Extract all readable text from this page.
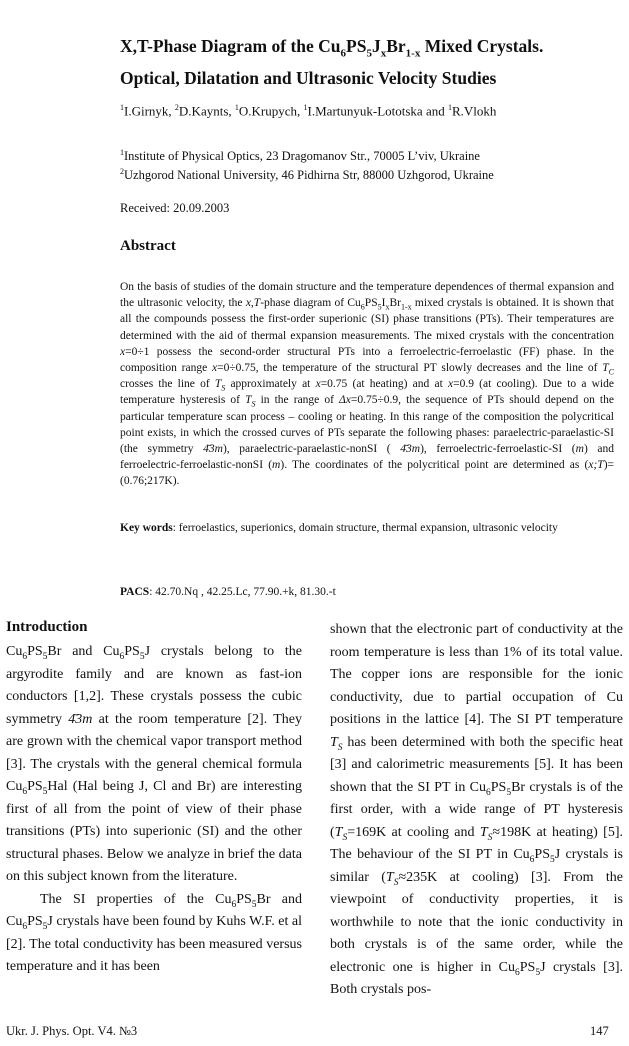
X,T-Phase Diagram of the $Cu_6PS_5J_xBr_{1-x}$ Mixed Crystals.
Optical, Dilatation and Ultrasonic Velocity Studies
$^1$I.Girnyk, $^2$D.Kaynts, $^1$O.Krupych, $^1$I.Martunyuk-Lototska and $^1$R.Vlokh
$^1$Institute of Physical Optics, 23 Dragomanov Str., 70005 L’viv, Ukraine
$^2$Uzhgorod National University, 46 Pidhirna Str, 88000 Uzhgorod, Ukraine
Received: 20.09.2003
Abstract
On the basis of studies of the domain structure and the temperature dependences of thermal expansion and the ultrasonic velocity, the x,T-phase diagram of $Cu_6PS_5I_xBr_{1-x}$ mixed crystals is obtained. It is shown that all the compounds possess the first-order superionic (SI) phase transitions (PTs). Their temperatures are determined with the aid of thermal expansion measurements. The mixed crystals with the concentration x=0÷1 possess the second-order structural PTs into a ferroelectric-ferroelastic (FF) phase. In the composition range x=0÷0.75, the temperature of the structural PT slowly decreases and the line of $T_C$ crosses the line of $T_S$ approximately at x=0.75 (at heating) and at x=0.9 (at cooling). Due to a wide temperature hysteresis of $T_S$ in the range of Δx=0.75÷0.9, the sequence of PTs should depend on the particular temperature scan process – cooling or heating. In this range of the composition the polycritical point exists, in which the crossed curves of PTs separate the following phases: paraelectric-paraelastic-SI (the symmetry 4̄3m), paraelectric-paraelastic-nonSI ( 4̄3m), ferroelectric-ferroelastic-SI (m) and ferroelectric-ferroelastic-nonSI (m). The coordinates of the polycritical point are determined as (x;T)=(0.76;217K).
Key words: ferroelastics, superionics, domain structure, thermal expansion, ultrasonic velocity
PACS: 42.70.Nq , 42.25.Lc, 77.90.+k, 81.30.-t
Introduction

$Cu_6PS_5Br$ and $Cu_6PS_5J$ crystals belong to the argyrodite family and are known as fast-ion conductors [1,2]. These crystals possess the cubic symmetry 4̄3m at the room temperature [2]. They are grown with the chemical vapor transport method [3]. The crystals with the general chemical formula $Cu_6PS_5Hal$ (Hal being J, Cl and Br) are interesting first of all from the point of view of their phase transitions (PTs) into superionic (SI) and the other structural phases. Below we analyze in brief the data on this subject known from the literature.

The SI properties of the $Cu_6PS_5Br$ and $Cu_6PS_5J$ crystals have been found by Kuhs W.F. et al [2]. The total conductivity has been measured versus temperature and it has been

shown that the electronic part of conductivity at the room temperature is less than 1% of its total value. The copper ions are responsible for the ionic conductivity, due to partial occupation of Cu positions in the lattice [4]. The SI PT temperature $T_S$ has been determined with both the specific heat [3] and calorimetric measurements [5]. It has been shown that the SI PT in $Cu_6PS_5Br$ crystals is of the first order, with a wide range of PT hysteresis ($T_S=169K$ at cooling and $T_S\approx 198K$ at heating) [5]. The behaviour of the SI PT in $Cu_6PS_5J$ crystals is similar ($T_S\approx 235K$ at cooling) [3]. From the viewpoint of conductivity properties, it is worthwhile to note that the ionic conductivity in both crystals is of the same order, while the electronic one is higher in $Cu_6PS_5J$ crystals [3]. Both crystals pos-

Ukr. J. Phys. Opt. V4. №3	147
